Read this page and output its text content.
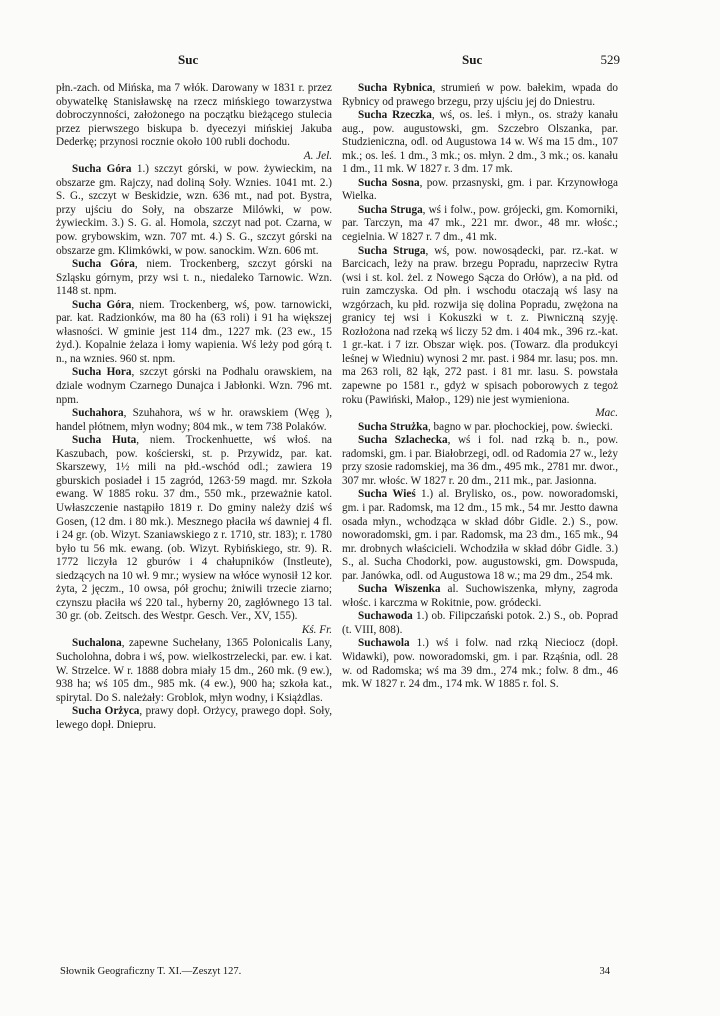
Suc	Suc	529

płn.-zach. od Mińska, ma 7 włók. Darowany w 1831 r. przez obywatelkę Stanisławskę na rzecz mińskiego towarzystwa dobroczynności, założonego na początku bieżącego stulecia przez pierwszego biskupa b. dyecezyi mińskiej Jakuba Dederkę; przynosi rocznie około 100 rubli dochodu.
A. Jel.

Sucha Góra 1.) szczyt górski, w pow. żywieckim, na obszarze gm. Rajczy, nad doliną Soły. Wznies. 1041 mt. 2.) S. G., szczyt w Beskidzie, wzn. 636 mt., nad pot. Bystra, przy ujściu do Soły, na obszarze Milówki, w pow. żywieckim. 3.) S. G. al. Homola, szczyt nad pot. Czarna, w pow. grybowskim, wzn. 707 mt. 4.) S. G., szczyt górski na obszarze gm. Klimkówki, w pow. sanockim. Wzn. 606 mt.

Sucha Góra, niem. Trockenberg, szczyt górski na Szląsku górnym, przy wsi t. n., niedaleko Tarnowic. Wzn. 1148 st. npm.

Sucha Góra, niem. Trockenberg, wś, pow. tarnowicki, par. kat. Radzionków, ma 80 ha (63 roli) i 91 ha większej własności. W gminie jest 114 dm., 1227 mk. (23 ew., 15 żyd.). Kopalnie żelaza i łomy wapienia. Wś leży pod górą t. n., na wznies. 960 st. npm.

Sucha Hora, szczyt górski na Podhalu orawskiem, na dziale wodnym Czarnego Dunajca i Jabłonki. Wzn. 796 mt. npm.

Suchahora, Szuhahora, wś w hr. orawskiem (Węg ), handel płótnem, młyn wodny; 804 mk., w tem 738 Polaków.

Sucha Huta, niem. Trockenhuette, wś włoś. na Kaszubach, pow. kościerski, st. p. Przywidz, par. kat. Skarszewy, 1½ mili na płd.-wschód odl.; zawiera 19 gburskich posiadeł i 15 zagród, 1263·59 magd. mr. Szkoła ewang. W 1885 roku. 37 dm., 550 mk., przeważnie katol. Uwłaszczenie nastąpiło 1819 r. Do gminy należy dziś wś Gosen, (12 dm. i 80 mk.). Mesznego płaciła wś dawniej 4 fl. i 24 gr. (ob. Wizyt. Szaniawskiego z r. 1710, str. 183); r. 1780 było tu 56 mk. ewang. (ob. Wizyt. Rybińskiego, str. 9). R. 1772 liczyła 12 gburów i 4 chałupników (Instleute), siedzących na 10 wł. 9 mr.; wysiew na włóce wynosił 12 kor. żyta, 2 jęczm., 10 owsa, pół grochu; żniwili trzecie ziarno; czynszu płaciła wś 220 tal., hyberny 20, zagłównego 13 tal. 30 gr. (ob. Zeitsch. des Westpr. Gesch. Ver., XV, 155).
Kś. Fr.

Suchalona, zapewne Suchełany, 1365 Polonicalis Lany, Sucholohna, dobra i wś, pow. wielkostrzelecki, par. ew. i kat. W. Strzelce. W r. 1888 dobra miały 15 dm., 260 mk. (9 ew.), 938 ha; wś 105 dm., 985 mk. (4 ew.), 900 ha; szkoła kat., spirytal. Do S. należały: Groblok, młyn wodny, i Książdlas.

Sucha Orżyca, prawy dopł. Orżycy, prawego dopł. Soły, lewego dopł. Dniepru.

Sucha Rybnica, strumień w pow. bałekim, wpada do Rybnicy od prawego brzegu, przy ujściu jej do Dniestru.

Sucha Rzeczka, wś, os. leś. i młyn., os. straży kanału aug., pow. augustowski, gm. Szczebro Olszanka, par. Studzieniczna, odl. od Augustowa 14 w. Wś ma 15 dm., 107 mk.; os. leś. 1 dm., 3 mk.; os. młyn. 2 dm., 3 mk.; os. kanału 1 dm., 11 mk. W 1827 r. 3 dm. 17 mk.

Sucha Sosna, pow. przasnyski, gm. i par. Krzynowłoga Wielka.

Sucha Struga, wś i folw., pow. grójecki, gm. Komorniki, par. Tarczyn, ma 47 mk., 221 mr. dwor., 48 mr. włośc.; cegielnia. W 1827 r. 7 dm., 41 mk.

Sucha Struga, wś, pow. nowosądecki, par. rz.-kat. w Barcicach, leży na praw. brzegu Popradu, naprzeciw Rytra (wsi i st. kol. żel. z Nowego Sącza do Orłów), a na płd. od ruin zamczyska. Od płn. i wschodu otaczają wś lasy na wzgórzach, ku płd. rozwija się dolina Popradu, zwężona na granicy tej wsi i Kokuszki w t. z. Piwniczną szyję. Rozłożona nad rzeką wś liczy 52 dm. i 404 mk., 396 rz.-kat. 1 gr.-kat. i 7 izr. Obszar więk. pos. (Towarz. dla produkcyi leśnej w Wiedniu) wynosi 2 mr. past. i 984 mr. lasu; pos. mn. ma 263 roli, 82 łąk, 272 past. i 81 mr. lasu. S. powstała zapewne po 1581 r., gdyż w spisach poborowych z tegoż roku (Pawiński, Małop., 129) nie jest wymieniona.
Mac.

Sucha Strużka, bagno w par. płochockiej, pow. świecki.

Sucha Szlachecka, wś i fol. nad rzką b. n., pow. radomski, gm. i par. Białobrzegi, odl. od Radomia 27 w., leży przy szosie radomskiej, ma 36 dm., 495 mk., 2781 mr. dwor., 307 mr. włośc. W 1827 r. 20 dm., 211 mk., par. Jasionna.

Sucha Wieś 1.) al. Brylisko, os., pow. noworadomski, gm. i par. Radomsk, ma 12 dm., 15 mk., 54 mr. Jestto dawna osada młyn., wchodząca w skład dóbr Gidle. 2.) S., pow. noworadomski, gm. i par. Radomsk, ma 23 dm., 165 mk., 94 mr. drobnych właścicieli. Wchodziła w skład dóbr Gidle. 3.) S., al. Sucha Chodorki, pow. augustowski, gm. Dowspuda, par. Janówka, odl. od Augustowa 18 w.; ma 29 dm., 254 mk.

Sucha Wiszenka al. Suchowiszenka, młyny, zagroda włośc. i karczma w Rokitnie, pow. gródecki.

Suchawoda 1.) ob. Filipczański potok. 2.) S., ob. Poprad (t. VIII, 808).

Suchawola 1.) wś i folw. nad rzką Nieciocz (dopł. Widawki), pow. noworadomski, gm. i par. Rząśnia, odl. 28 w. od Radomska; wś ma 39 dm., 274 mk.; folw. 8 dm., 46 mk. W 1827 r. 24 dm., 174 mk. W 1885 r. fol. S.

Słownik Geograficzny T. XI.—Zeszyt 127.	34
